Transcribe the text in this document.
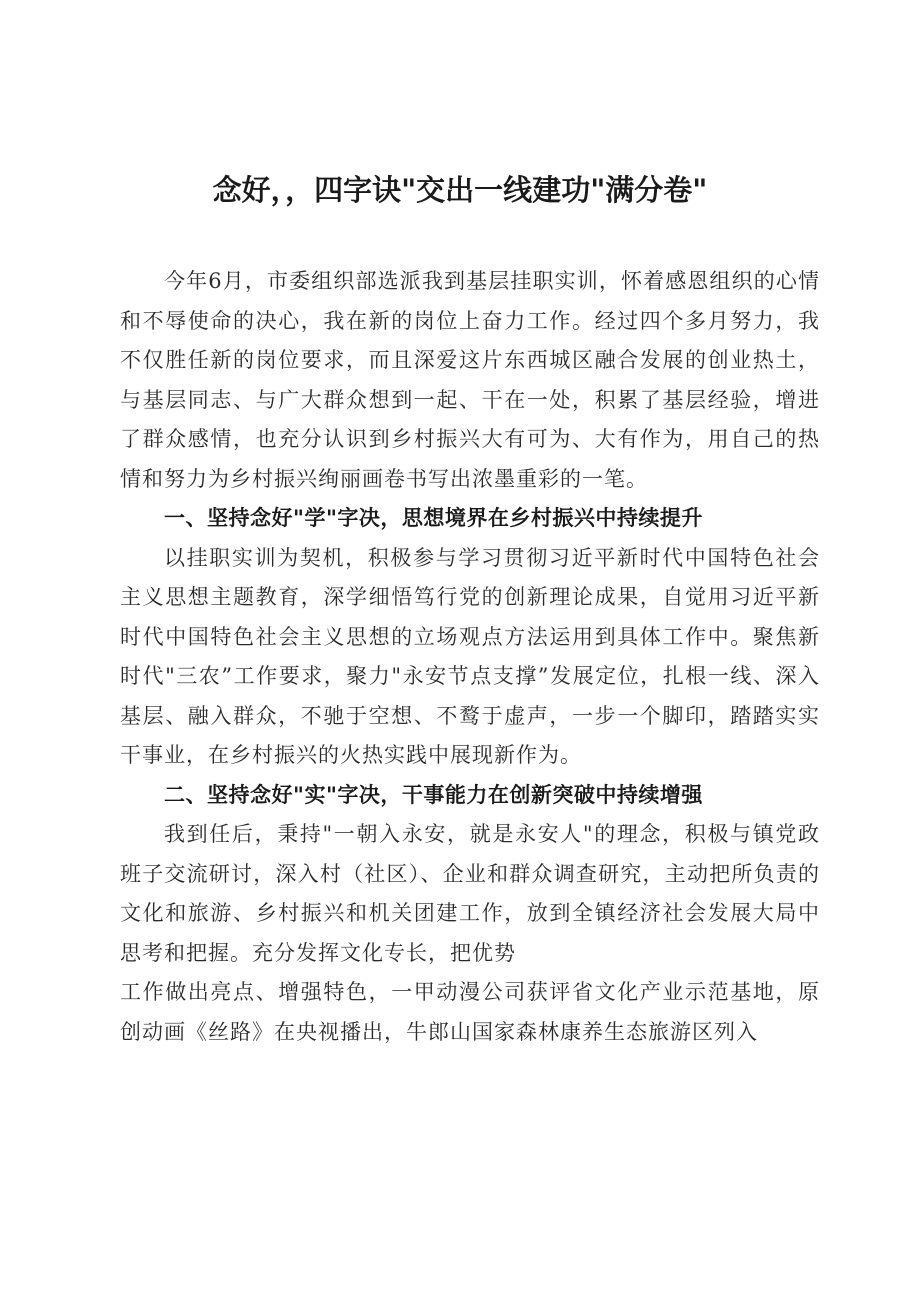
念好，，四字诀"交出一线建功"满分卷"

今年6月，市委组织部选派我到基层挂职实训，怀着感恩组织的心情和不辱使命的决心，我在新的岗位上奋力工作。经过四个多月努力，我不仅胜任新的岗位要求，而且深爱这片东西城区融合发展的创业热土，与基层同志、与广大群众想到一起、干在一处，积累了基层经验，增进了群众感情，也充分认识到乡村振兴大有可为、大有作为，用自己的热情和努力为乡村振兴绚丽画卷书写出浓墨重彩的一笔。

一、坚持念好"学"字决，思想境界在乡村振兴中持续提升

以挂职实训为契机，积极参与学习贯彻习近平新时代中国特色社会主义思想主题教育，深学细悟笃行党的创新理论成果，自觉用习近平新时代中国特色社会主义思想的立场观点方法运用到具体工作中。聚焦新时代"三农”工作要求，聚力"永安节点支撑”发展定位，扎根一线、深入基层、融入群众，不驰于空想、不鹜于虚声，一步一个脚印，踏踏实实干事业，在乡村振兴的火热实践中展现新作为。

二、坚持念好"实"字决，干事能力在创新突破中持续增强

我到任后，秉持"一朝入永安，就是永安人"的理念，积极与镇党政班子交流研讨，深入村（社区）、企业和群众调查研究，主动把所负责的文化和旅游、乡村振兴和机关团建工作，放到全镇经济社会发展大局中思考和把握。充分发挥文化专长，把优势

工作做出亮点、增强特色，一甲动漫公司获评省文化产业示范基地，原创动画《丝路》在央视播出，牛郎山国家森林康养生态旅游区列入
